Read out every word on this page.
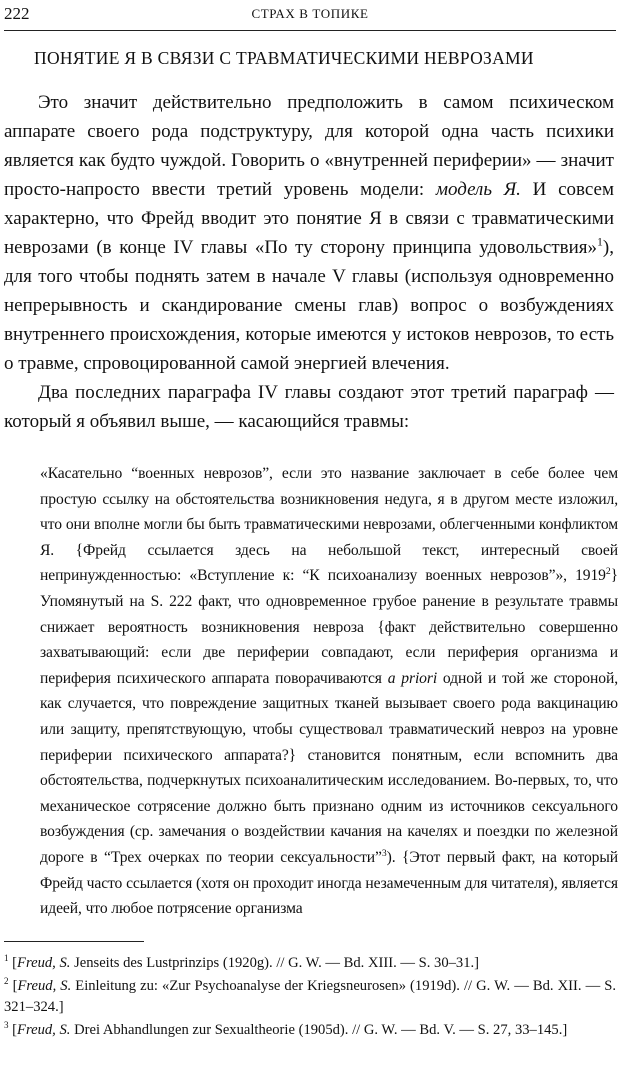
222	СТРАХ В ТОПИКЕ
ПОНЯТИЕ Я В СВЯЗИ С ТРАВМАТИЧЕСКИМИ НЕВРОЗАМИ

Это значит действительно предположить в самом психическом аппарате своего рода подструктуру, для которой одна часть психики является как будто чуждой. Говорить о «внутренней периферии» — значит просто-напросто ввести третий уровень модели: модель Я. И совсем характерно, что Фрейд вводит это понятие Я в связи с травматическими неврозами (в конце IV главы «По ту сторону принципа удовольствия»$^1$), для того чтобы поднять затем в начале V главы (используя одновременно непрерывность и скандирование смены глав) вопрос о возбуждениях внутреннего происхождения, которые имеются у истоков неврозов, то есть о травме, спровоцированной самой энергией влечения.

Два последних параграфа IV главы создают этот третий параграф — который я объявил выше, — касающийся травмы:

«Касательно “военных неврозов”, если это название заключает в себе более чем простую ссылку на обстоятельства возникновения недуга, я в другом месте изложил, что они вполне могли бы быть травматическими неврозами, облегченными конфликтом Я. {Фрейд ссылается здесь на небольшой текст, интересный своей непринужденностью: «Вступление к: “К психоанализу военных неврозов”», 1919$^2$} Упомянутый на S. 222 факт, что одновременное грубое ранение в результате травмы снижает вероятность возникновения невроза {факт действительно совершенно захватывающий: если две периферии совпадают, если периферия организма и периферия психического аппарата поворачиваются a priori одной и той же стороной, как случается, что повреждение защитных тканей вызывает своего рода вакцинацию или защиту, препятствующую, чтобы существовал травматический невроз на уровне периферии психического аппарата?} становится понятным, если вспомнить два обстоятельства, подчеркнутых психоаналитическим исследованием. Во-первых, то, что механическое сотрясение должно быть признано одним из источников сексуального возбуждения (ср. замечания о воздействии качания на качелях и поездки по железной дороге в “Трех очерках по теории сексуальности”$^3$). {Этот первый факт, на который Фрейд часто ссылается (хотя он проходит иногда незамеченным для читателя), является идеей, что любое потрясение организма

$^1$ [Freud, S. Jenseits des Lustprinzips (1920g). // G. W. — Bd. XIII. — S. 30–31.]

$^2$ [Freud, S. Einleitung zu: «Zur Psychoanalyse der Kriegsneurosen» (1919d). // G. W. — Bd. XII. — S. 321–324.]

$^3$ [Freud, S. Drei Abhandlungen zur Sexualtheorie (1905d). // G. W. — Bd. V. — S. 27, 33–145.]
